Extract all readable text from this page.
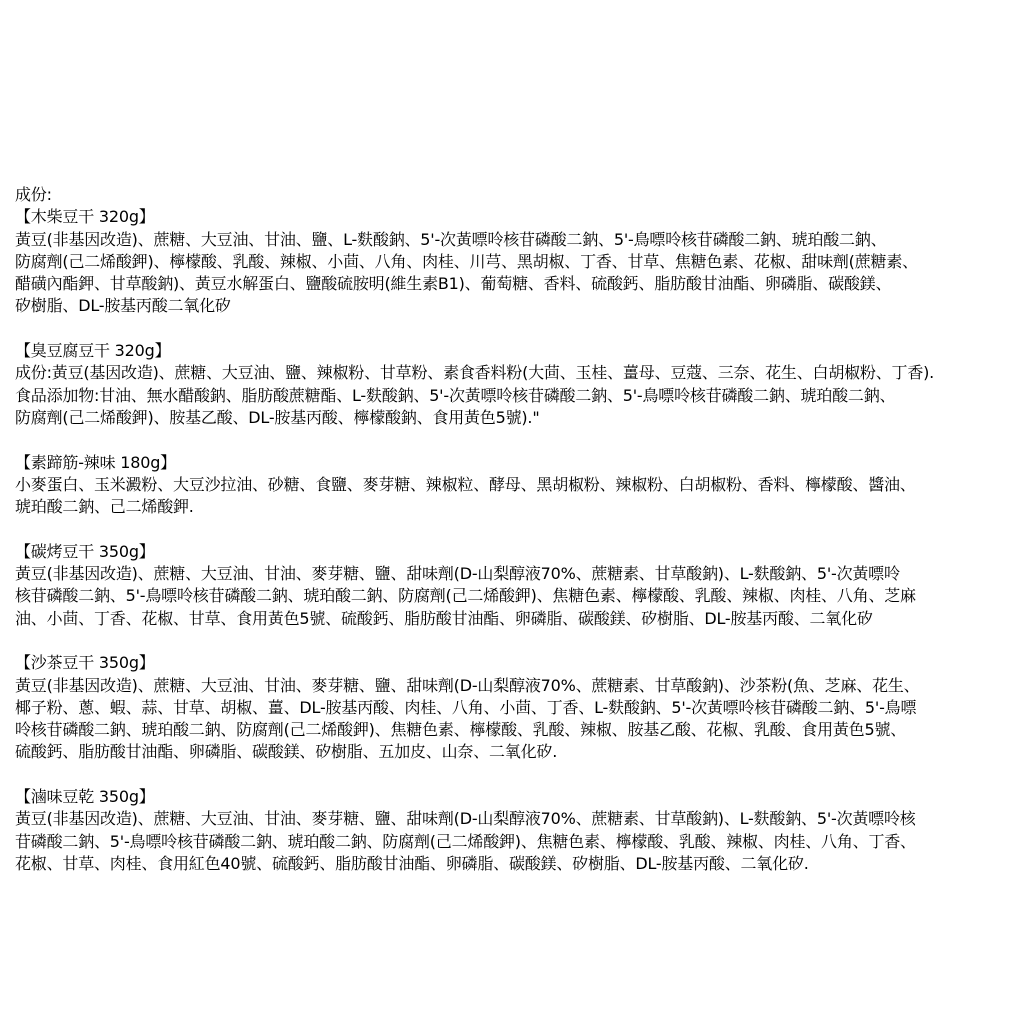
成份:
【木柴豆干 320g】
黃豆(非基因改造)、蔗糖、大豆油、甘油、鹽、L-麩酸鈉、5'-次黃嘌呤核苷磷酸二鈉、5'-鳥嘌呤核苷磷酸二鈉、琥珀酸二鈉、
防腐劑(己二烯酸鉀)、檸檬酸、乳酸、辣椒、小茴、八角、肉桂、川芎、黑胡椒、丁香、甘草、焦糖色素、花椒、甜味劑(蔗糖素、
醋磺內酯鉀、甘草酸鈉)、黃豆水解蛋白、鹽酸硫胺明(維生素B1)、葡萄糖、香料、硫酸鈣、脂肪酸甘油酯、卵磷脂、碳酸鎂、
矽樹脂、DL-胺基丙酸二氧化矽
【臭豆腐豆干 320g】
成份:黃豆(基因改造)、蔗糖、大豆油、鹽、辣椒粉、甘草粉、素食香料粉(大茴、玉桂、薑母、豆蔻、三奈、花生、白胡椒粉、丁香).
食品添加物:甘油、無水醋酸鈉、脂肪酸蔗糖酯、L-麩酸鈉、5'-次黃嘌呤核苷磷酸二鈉、5'-鳥嘌呤核苷磷酸二鈉、琥珀酸二鈉、
防腐劑(己二烯酸鉀)、胺基乙酸、DL-胺基丙酸、檸檬酸鈉、食用黃色5號)."
【素蹄筋-辣味 180g】
小麥蛋白、玉米澱粉、大豆沙拉油、砂糖、食鹽、麥芽糖、辣椒粒、酵母、黑胡椒粉、辣椒粉、白胡椒粉、香料、檸檬酸、醬油、
琥珀酸二鈉、己二烯酸鉀.
【碳烤豆干 350g】
黃豆(非基因改造)、蔗糖、大豆油、甘油、麥芽糖、鹽、甜味劑(D-山梨醇液70%、蔗糖素、甘草酸鈉)、L-麩酸鈉、5'-次黃嘌呤
核苷磷酸二鈉、5'-鳥嘌呤核苷磷酸二鈉、琥珀酸二鈉、防腐劑(己二烯酸鉀)、焦糖色素、檸檬酸、乳酸、辣椒、肉桂、八角、芝麻
油、小茴、丁香、花椒、甘草、食用黃色5號、硫酸鈣、脂肪酸甘油酯、卵磷脂、碳酸鎂、矽樹脂、DL-胺基丙酸、二氧化矽
【沙茶豆干 350g】
黃豆(非基因改造)、蔗糖、大豆油、甘油、麥芽糖、鹽、甜味劑(D-山梨醇液70%、蔗糖素、甘草酸鈉)、沙茶粉(魚、芝麻、花生、
椰子粉、蔥、蝦、蒜、甘草、胡椒、薑、DL-胺基丙酸、肉桂、八角、小茴、丁香、L-麩酸鈉、5'-次黃嘌呤核苷磷酸二鈉、5'-鳥嘌
呤核苷磷酸二鈉、琥珀酸二鈉、防腐劑(己二烯酸鉀)、焦糖色素、檸檬酸、乳酸、辣椒、胺基乙酸、花椒、乳酸、食用黃色5號、
硫酸鈣、脂肪酸甘油酯、卵磷脂、碳酸鎂、矽樹脂、五加皮、山奈、二氧化矽.
【滷味豆乾 350g】
黃豆(非基因改造)、蔗糖、大豆油、甘油、麥芽糖、鹽、甜味劑(D-山梨醇液70%、蔗糖素、甘草酸鈉)、L-麩酸鈉、5'-次黃嘌呤核
苷磷酸二鈉、5'-鳥嘌呤核苷磷酸二鈉、琥珀酸二鈉、防腐劑(己二烯酸鉀)、焦糖色素、檸檬酸、乳酸、辣椒、肉桂、八角、丁香、
花椒、甘草、肉桂、食用紅色40號、硫酸鈣、脂肪酸甘油酯、卵磷脂、碳酸鎂、矽樹脂、DL-胺基丙酸、二氧化矽.
